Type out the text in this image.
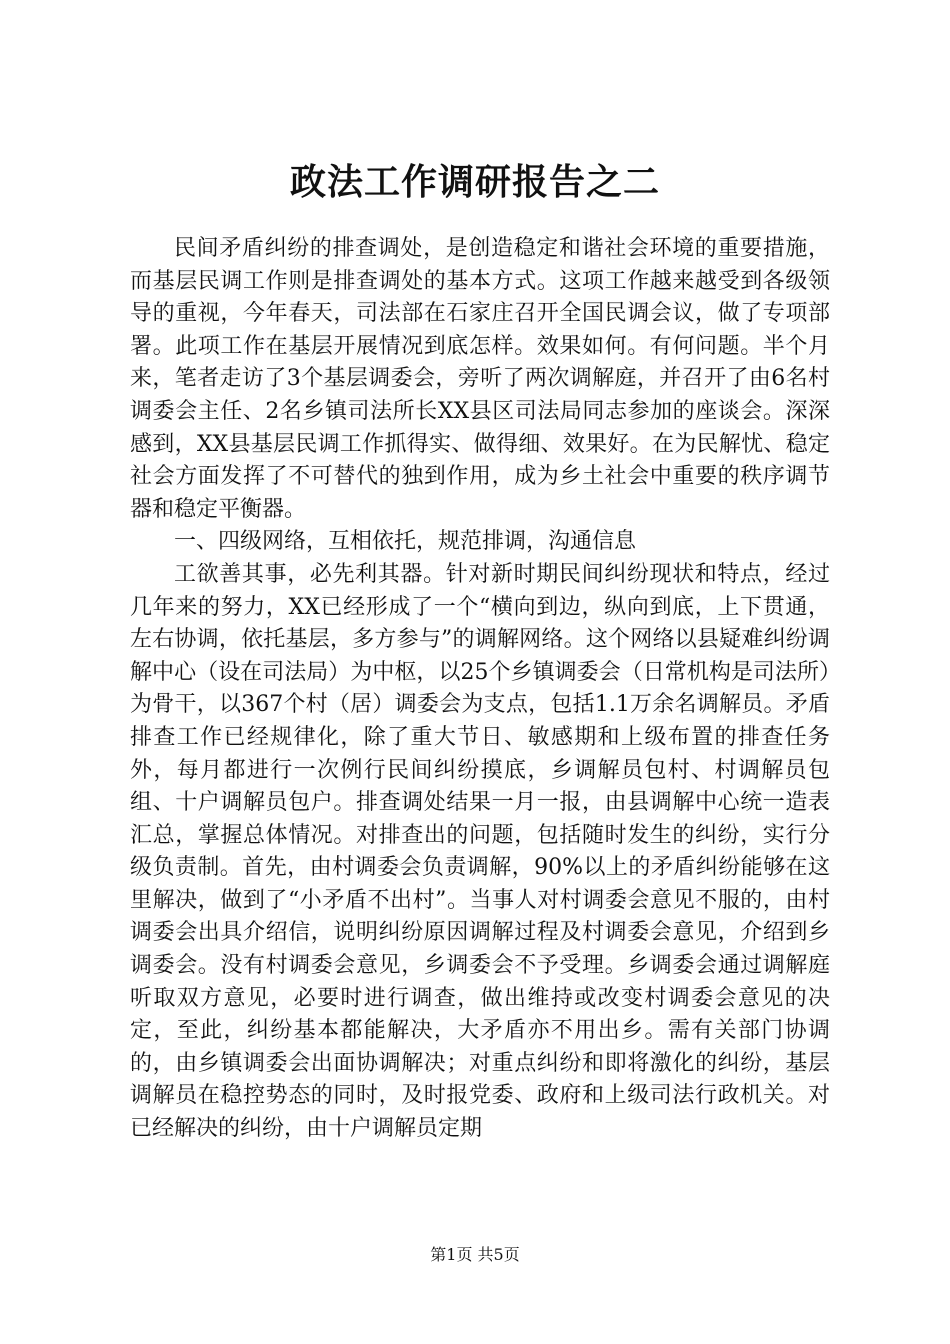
政法工作调研报告之二

民间矛盾纠纷的排查调处，是创造稳定和谐社会环境的重要措施，而基层民调工作则是排查调处的基本方式。这项工作越来越受到各级领导的重视，今年春天，司法部在石家庄召开全国民调会议，做了专项部署。此项工作在基层开展情况到底怎样。效果如何。有何问题。半个月来，笔者走访了3个基层调委会，旁听了两次调解庭，并召开了由6名村调委会主任、2名乡镇司法所长XX县区司法局同志参加的座谈会。深深感到，XX县基层民调工作抓得实、做得细、效果好。在为民解忧、稳定社会方面发挥了不可替代的独到作用，成为乡土社会中重要的秩序调节器和稳定平衡器。

一、四级网络，互相依托，规范排调，沟通信息

工欲善其事，必先利其器。针对新时期民间纠纷现状和特点，经过几年来的努力，XX已经形成了一个“横向到边，纵向到底，上下贯通，左右协调，依托基层，多方参与”的调解网络。这个网络以县疑难纠纷调解中心（设在司法局）为中枢，以25个乡镇调委会（日常机构是司法所）为骨干，以367个村（居）调委会为支点，包括1.1万余名调解员。矛盾排查工作已经规律化，除了重大节日、敏感期和上级布置的排查任务外，每月都进行一次例行民间纠纷摸底，乡调解员包村、村调解员包组、十户调解员包户。排查调处结果一月一报，由县调解中心统一造表汇总，掌握总体情况。对排查出的问题，包括随时发生的纠纷，实行分级负责制。首先，由村调委会负责调解，90%以上的矛盾纠纷能够在这里解决，做到了“小矛盾不出村”。当事人对村调委会意见不服的，由村调委会出具介绍信，说明纠纷原因调解过程及村调委会意见，介绍到乡调委会。没有村调委会意见，乡调委会不予受理。乡调委会通过调解庭听取双方意见，必要时进行调查，做出维持或改变村调委会意见的决定，至此，纠纷基本都能解决，大矛盾亦不用出乡。需有关部门协调的，由乡镇调委会出面协调解决；对重点纠纷和即将激化的纠纷，基层调解员在稳控势态的同时，及时报党委、政府和上级司法行政机关。对已经解决的纠纷，由十户调解员定期

第1页 共5页
